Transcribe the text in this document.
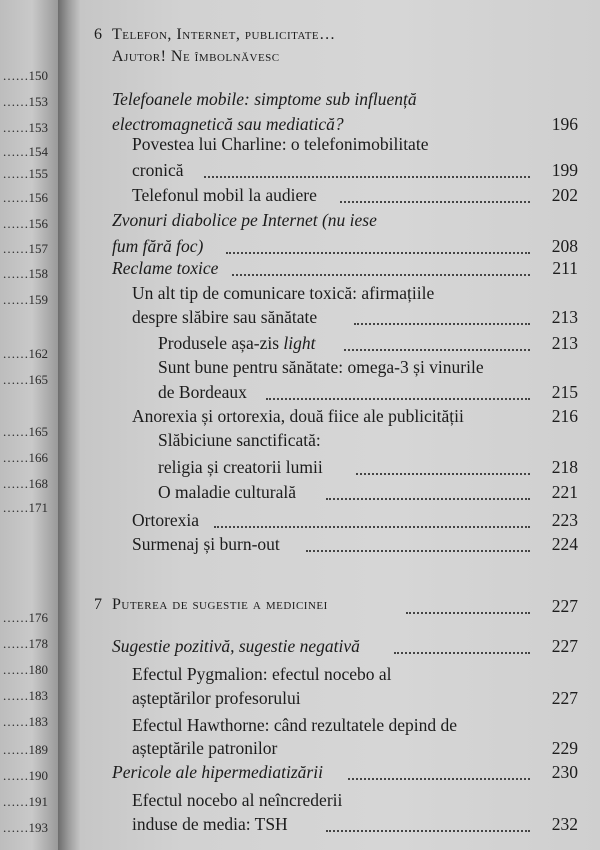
……150
……153
……153
……154
……155
……156
……156
……157
……158
……159
……162
……165
……165
……166
……168
……171
……176
……178
……180
……183
……183
……189
……190
……191
……193
6 Telefon, Internet, publicitate…
Ajutor! Ne îmbolnăvesc
Telefoanele mobile: simptome sub influență
electromagnetică sau mediatică?	196
Povestea lui Charline: o telefonimobilitate
cronică	199
Telefonul mobil la audiere	202
Zvonuri diabolice pe Internet (nu iese
fum fără foc)	208
Reclame toxice	211
Un alt tip de comunicare toxică: afirmațiile
despre slăbire sau sănătate	213
Produsele așa-zis light	213
Sunt bune pentru sănătate: omega-3 și vinurile
de Bordeaux	215
Anorexia și ortorexia, două fiice ale publicității	216
Slăbiciune sanctificată:
religia și creatorii lumii	218
O maladie culturală	221
Ortorexia	223
Surmenaj și burn-out	224
7 Puterea de sugestie a medicinei	227
Sugestie pozitivă, sugestie negativă	227
Efectul Pygmalion: efectul nocebo al
așteptărilor profesorului	227
Efectul Hawthorne: când rezultatele depind de
așteptările patronilor	229
Pericole ale hipermediatizării	230
Efectul nocebo al neîncrederii
induse de media: TSH	232
